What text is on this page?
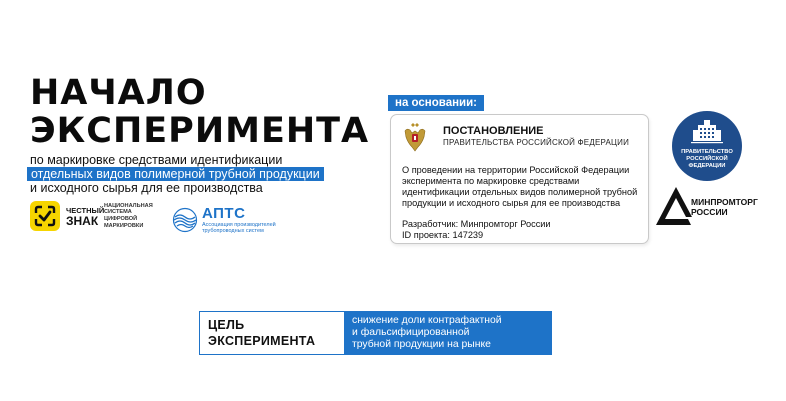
НАЧАЛО
ЭКСПЕРИМЕНТА
по маркировке средствами идентификации
отдельных видов полимерной трубной продукции
и исходного сырья для ее производства
ЧЕСТНЫЙ
ЗНАК
НАЦИОНАЛЬНАЯ
СИСТЕМА ЦИФРОВОЙ
МАРКИРОВКИ
АПТС
Ассоциация производителей
трубопроводных систем
на основании:
ПОСТАНОВЛЕНИЕ
ПРАВИТЕЛЬСТВА РОССИЙСКОЙ ФЕДЕРАЦИИ
О проведении на территории Российской Федерации
эксперимента по маркировке средствами
идентификации отдельных видов полимерной трубной
продукции и исходного сырья для ее производства
Разработчик: Минпромторг России
ID проекта: 147239
ПРАВИТЕЛЬСТВО
РОССИЙСКОЙ
ФЕДЕРАЦИИ
МИНПРОМТОРГ
РОССИИ
ЦЕЛЬ
ЭКСПЕРИМЕНТА
снижение доли контрафактной
и фальсифицированной
трубной продукции на рынке
